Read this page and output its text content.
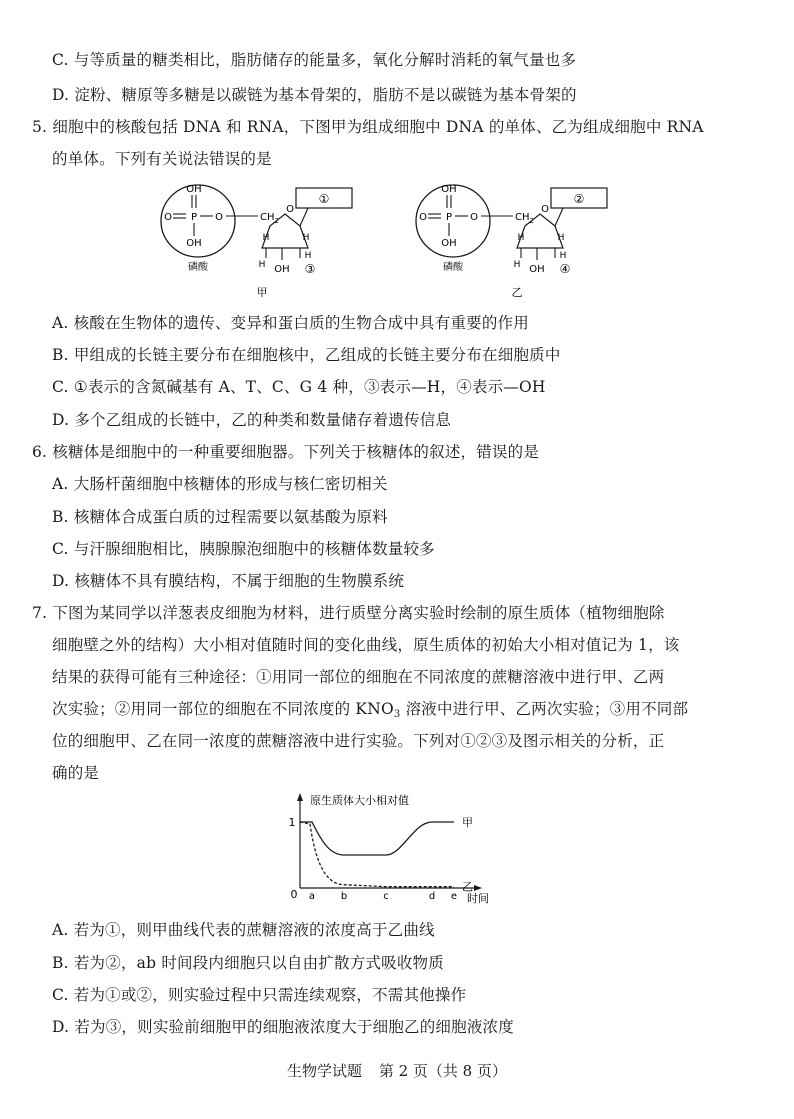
C. 与等质量的糖类相比，脂肪储存的能量多，氧化分解时消耗的氧气量也多
D. 淀粉、糖原等多糖是以碳链为基本骨架的，脂肪不是以碳链为基本骨架的
5. 细胞中的核酸包括 DNA 和 RNA，下图甲为组成细胞中 DNA 的单体、乙为组成细胞中 RNA
的单体。下列有关说法错误的是
OH
O P O
OH
磷酸
$CH_2$
O
①
H	H
H
H
OH ③
甲
OH
O P O
OH
磷酸
$CH_2$
O
②
H	H
H
H
OH ④
乙
A. 核酸在生物体的遗传、变异和蛋白质的生物合成中具有重要的作用
B. 甲组成的长链主要分布在细胞核中，乙组成的长链主要分布在细胞质中
C. ①表示的含氮碱基有 A、T、C、G 4 种，③表示—H，④表示—OH
D. 多个乙组成的长链中，乙的种类和数量储存着遗传信息
6. 核糖体是细胞中的一种重要细胞器。下列关于核糖体的叙述，错误的是
A. 大肠杆菌细胞中核糖体的形成与核仁密切相关
B. 核糖体合成蛋白质的过程需要以氨基酸为原料
C. 与汗腺细胞相比，胰腺腺泡细胞中的核糖体数量较多
D. 核糖体不具有膜结构，不属于细胞的生物膜系统
7. 下图为某同学以洋葱表皮细胞为材料，进行质壁分离实验时绘制的原生质体（植物细胞除
细胞壁之外的结构）大小相对值随时间的变化曲线，原生质体的初始大小相对值记为 1，该
结果的获得可能有三种途径：①用同一部位的细胞在不同浓度的蔗糖溶液中进行甲、乙两
次实验；②用同一部位的细胞在不同浓度的 $KNO_3$ 溶液中进行甲、乙两次实验；③用不同部
位的细胞甲、乙在同一浓度的蔗糖溶液中进行实验。下列对①②③及图示相关的分析，正
确的是
原生质体大小相对值
时间
1
0 a	b	c	d e
甲
乙
A. 若为①，则甲曲线代表的蔗糖溶液的浓度高于乙曲线
B. 若为②，ab 时间段内细胞只以自由扩散方式吸收物质
C. 若为①或②，则实验过程中只需连续观察，不需其他操作
D. 若为③，则实验前细胞甲的细胞液浓度大于细胞乙的细胞液浓度
生物学试题 第 2 页（共 8 页）
